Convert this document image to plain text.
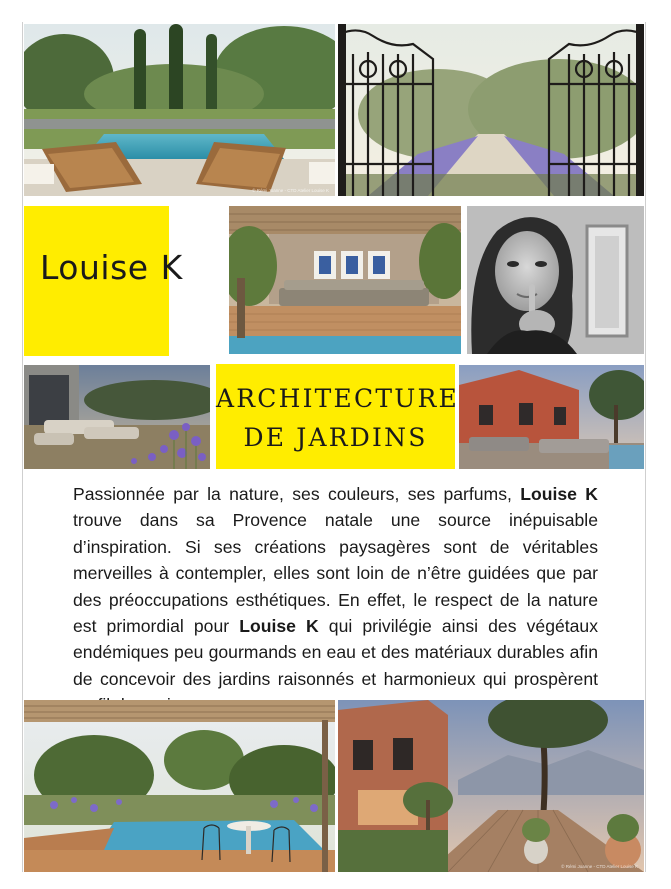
© Rémi Joanne - CTD Atelier Louise K
Louise K
ARCHITECTURE
DE JARDINS
Passionnée par la nature, ses couleurs, ses parfums, Louise K trouve dans sa Provence natale une source inépuisable d’inspiration. Si ses créations paysagères sont de véritables merveilles à contempler, elles sont loin de n’être guidées que par des préoccupations esthétiques. En effet, le respect de la nature est primordial pour Louise K qui privilégie ainsi des végétaux endémiques peu gourmands en eau et des matériaux durables afin de concevoir des jardins raisonnés et harmonieux qui prospèrent
© Rémi Joanne - CTD Atelier Louise K
